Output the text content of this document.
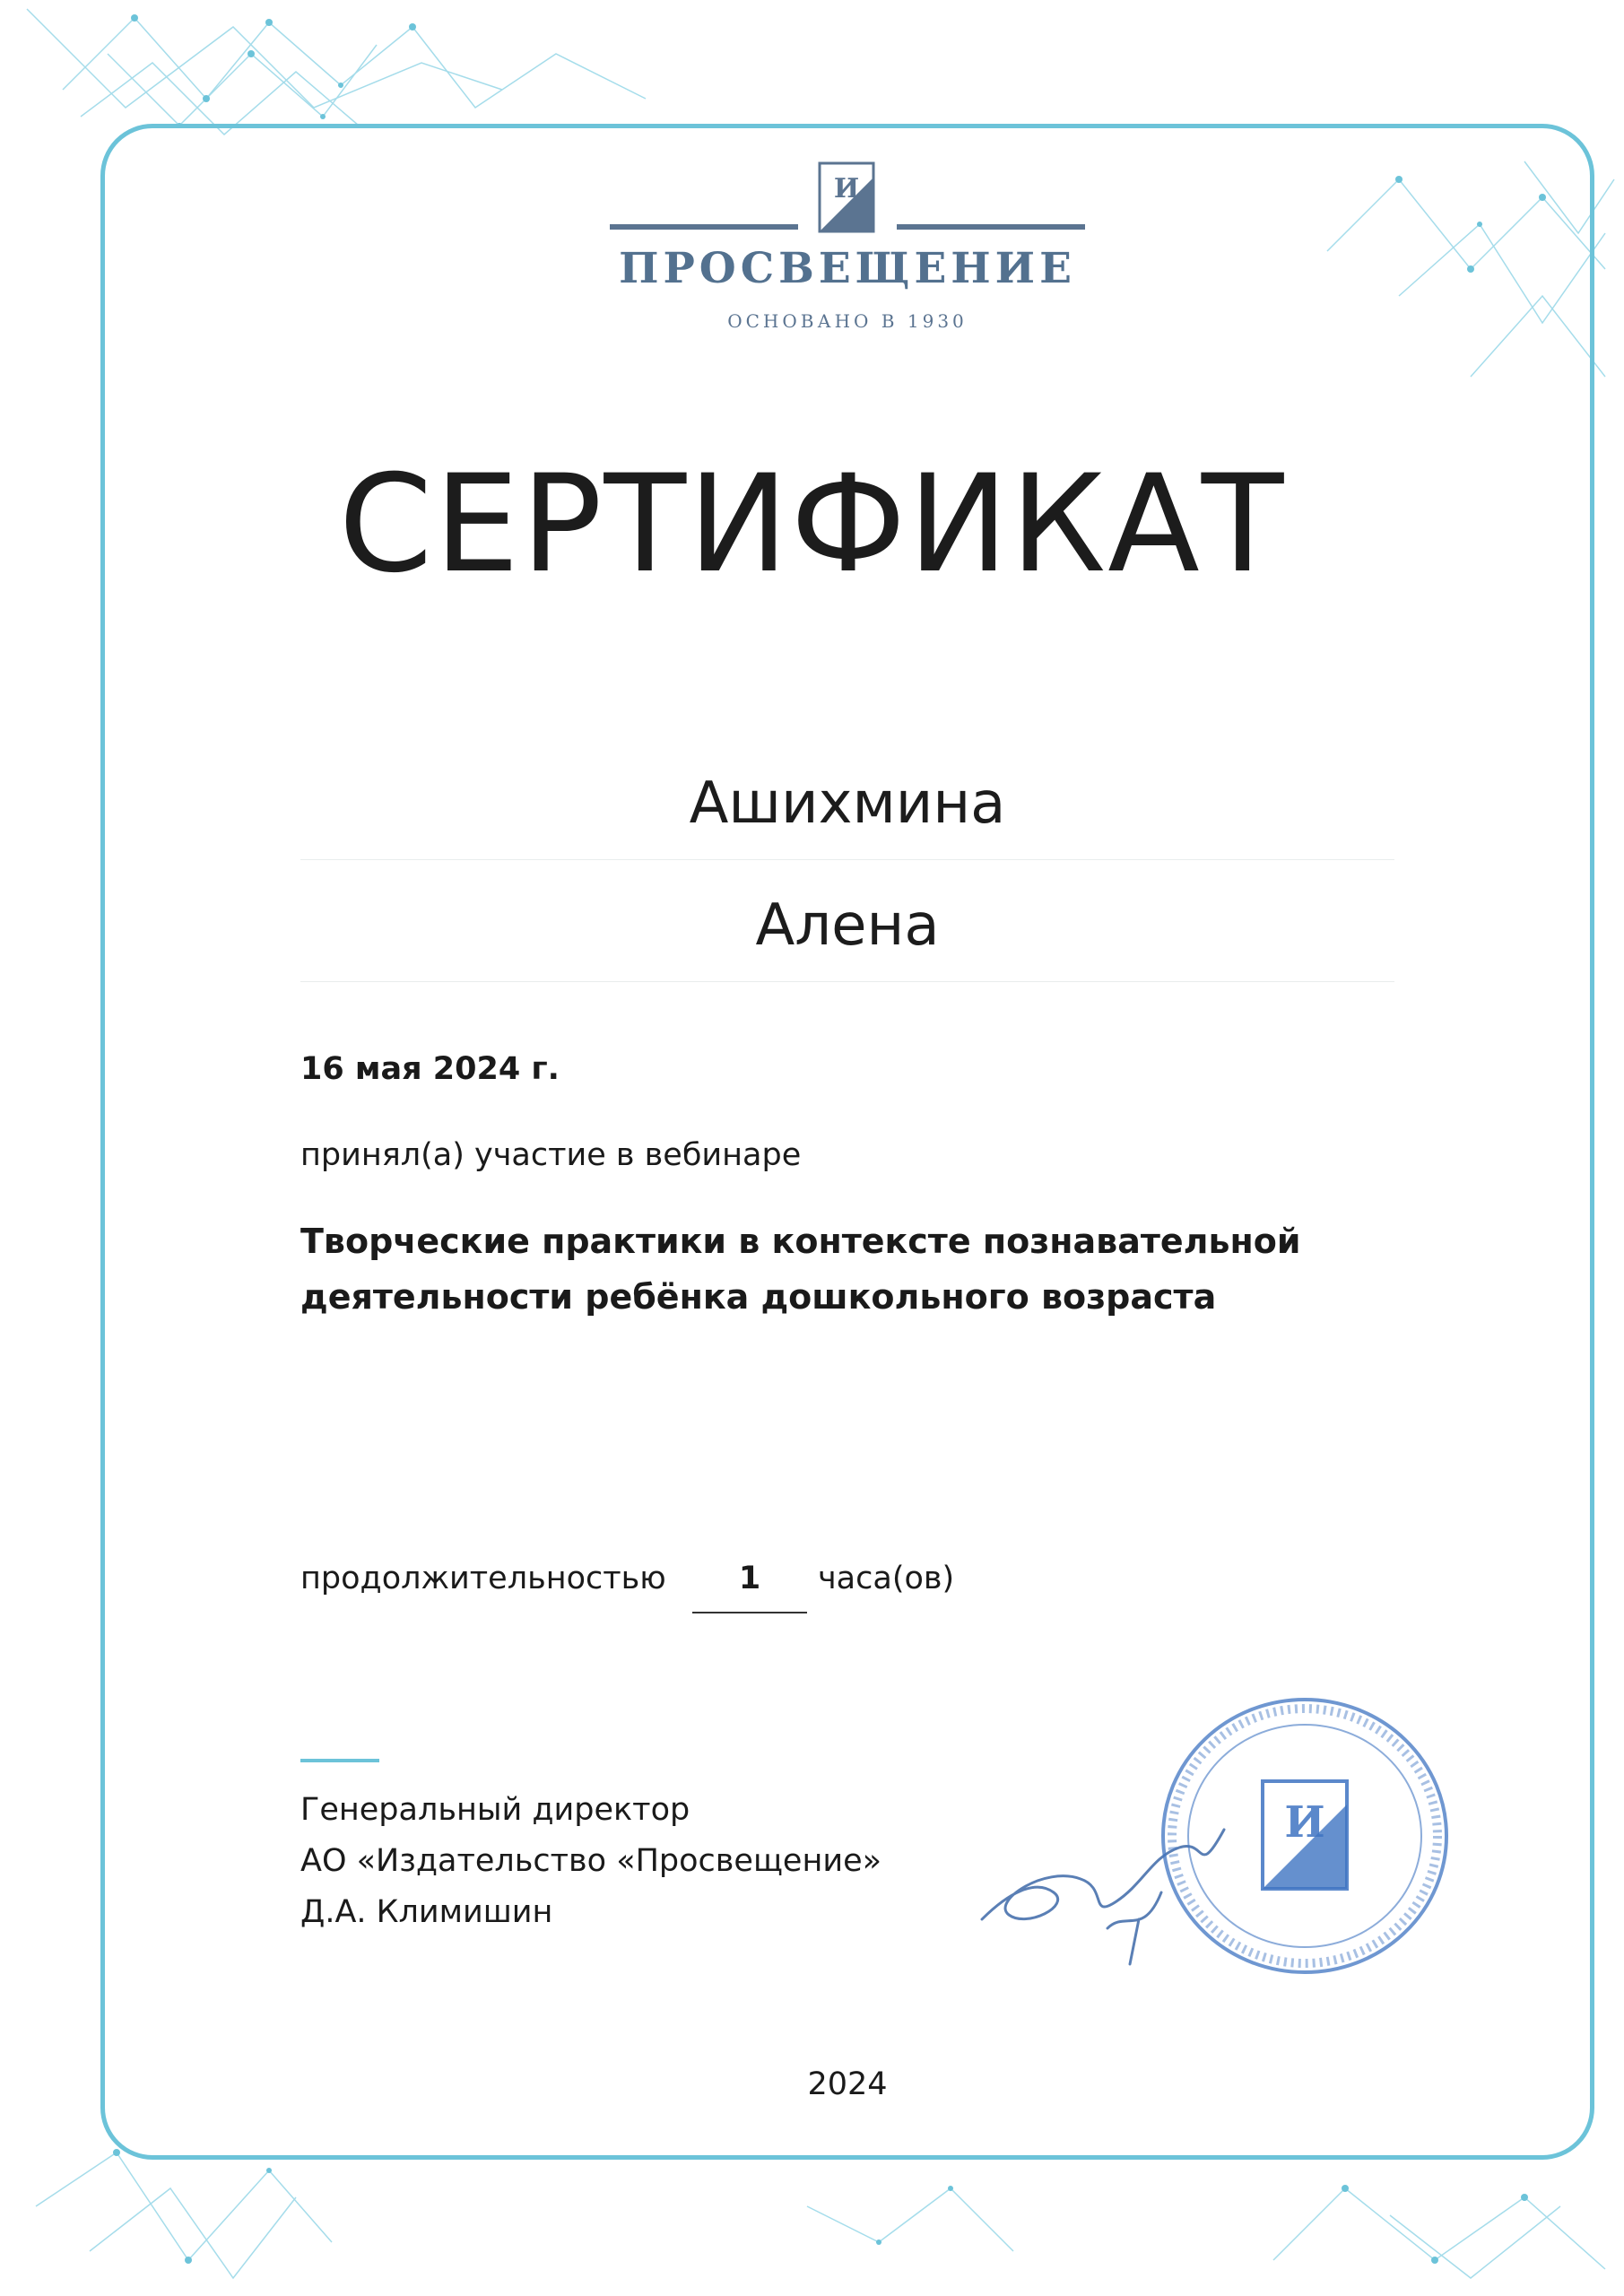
И
ПРОСВЕЩЕНИЕ
ОСНОВАНО В 1930
СЕРТИФИКАТ
Ашихмина
Алена
16 мая 2024 г.
принял(а) участие в вебинаре
Творческие практики в контексте познавательной
деятельности ребёнка дошкольного возраста
продолжительностью	1	часа(ов)
Генеральный директор
АО «Издательство «Просвещение»
Д.А. Климишин
И
2024
